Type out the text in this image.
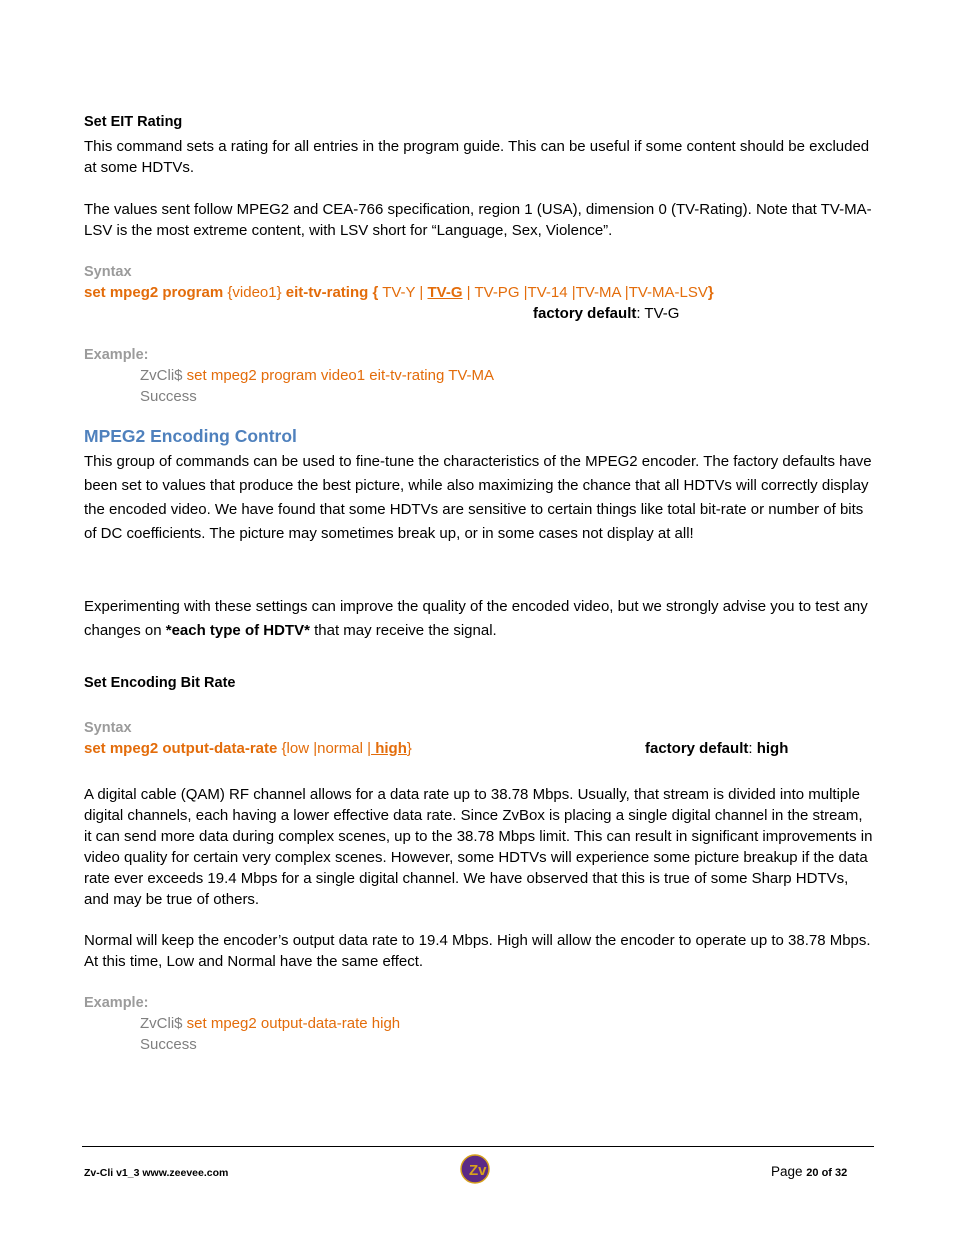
Set EIT Rating
This command sets a rating for all entries in the program guide. This can be useful if some content should be excluded at some HDTVs.
The values sent follow MPEG2 and CEA-766 specification, region 1 (USA), dimension 0 (TV-Rating). Note that TV-MA-LSV is the most extreme content, with LSV short for “Language, Sex, Violence”.
Syntax
set mpeg2 program {video1} eit-tv-rating { TV-Y | TV-G | TV-PG |TV-14 |TV-MA |TV-MA-LSV}
factory default: TV-G
Example:
ZvCli$ set mpeg2 program video1 eit-tv-rating TV-MA
Success
MPEG2 Encoding Control
This group of commands can be used to fine-tune the characteristics of the MPEG2 encoder. The factory defaults have been set to values that produce the best picture, while also maximizing the chance that all HDTVs will correctly display the encoded video. We have found that some HDTVs are sensitive to certain things like total bit-rate or number of bits of DC coefficients. The picture may sometimes break up, or in some cases not display at all!
Experimenting with these settings can improve the quality of the encoded video, but we strongly advise you to test any changes on *each type of HDTV* that may receive the signal.
Set Encoding Bit Rate
Syntax
set mpeg2 output-data-rate {low |normal | high}	factory default: high
A digital cable (QAM) RF channel allows for a data rate up to 38.78 Mbps. Usually, that stream is divided into multiple digital channels, each having a lower effective data rate. Since ZvBox is placing a single digital channel in the stream, it can send more data during complex scenes, up to the 38.78 Mbps limit. This can result in significant improvements in video quality for certain very complex scenes. However, some HDTVs will experience some picture breakup if the data rate ever exceeds 19.4 Mbps for a single digital channel. We have observed that this is true of some Sharp HDTVs, and may be true of others.
Normal will keep the encoder’s output data rate to 19.4 Mbps. High will allow the encoder to operate up to 38.78 Mbps. At this time, Low and Normal have the same effect.
Example:
ZvCli$ set mpeg2 output-data-rate high
Success
Zv-Cli v1_3 www.zeevee.com	Zv	Page 20 of 32
